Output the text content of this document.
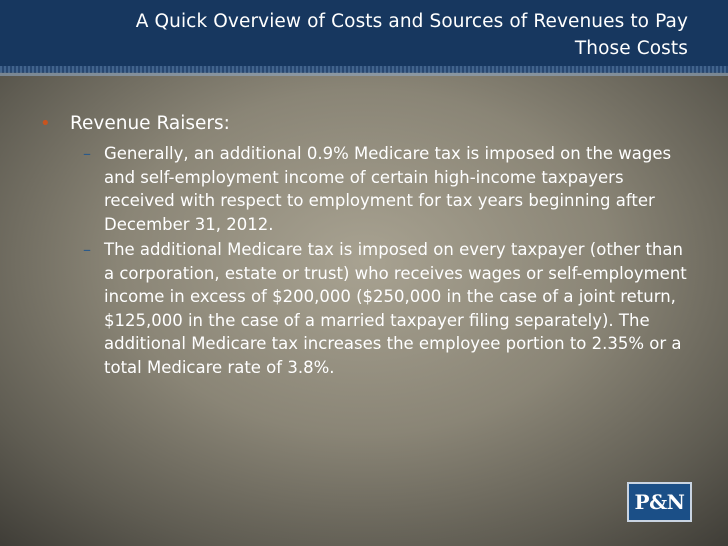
A Quick Overview of Costs and Sources of Revenues to Pay
Those Costs
• Revenue Raisers:
– Generally, an additional 0.9% Medicare tax is imposed on the wages and self-employment income of certain high-income taxpayers received with respect to employment for tax years beginning after December 31, 2012.
– The additional Medicare tax is imposed on every taxpayer (other than a corporation, estate or trust) who receives wages or self-employment income in excess of $200,000 ($250,000 in the case of a joint return, $125,000 in the case of a married taxpayer filing separately). The additional Medicare tax increases the employee portion to 2.35% or a total Medicare rate of 3.8%.
P&N
